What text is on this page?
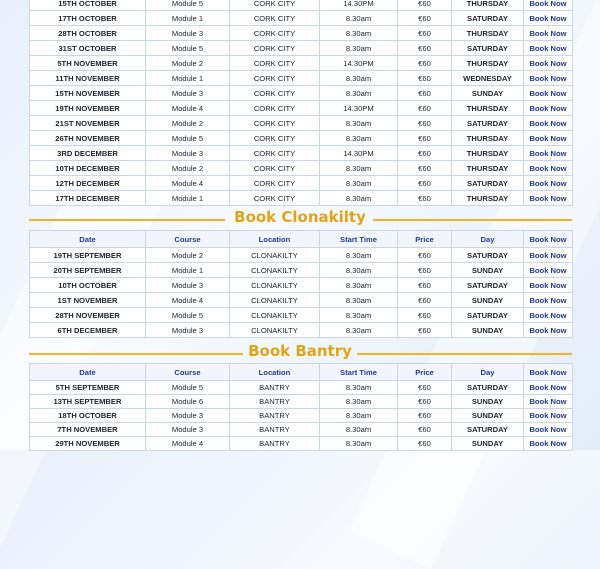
15TH OCTOBER	Module 5	CORK CITY	14.30PM	€60	THURSDAY	Book Now
17TH OCTOBER	Module 1	CORK CITY	8.30am	€60	SATURDAY	Book Now
28TH OCTOBER	Module 3	CORK CITY	8.30am	€60	THURSDAY	Book Now
31ST OCTOBER	Module 5	CORK CITY	8.30am	€60	SATURDAY	Book Now
5TH NOVEMBER	Module 2	CORK CITY	14.30PM	€60	THURSDAY	Book Now
11TH NOVEMBER	Module 1	CORK CITY	8.30am	€60	WEDNESDAY	Book Now
15TH NOVEMBER	Module 3	CORK CITY	8.30am	€60	SUNDAY	Book Now
19TH NOVEMBER	Module 4	CORK CITY	14.30PM	€60	THURSDAY	Book Now
21ST NOVEMBER	Module 2	CORK CITY	8.30am	€60	SATURDAY	Book Now
26TH NOVEMBER	Module 5	CORK CITY	8.30am	€60	THURSDAY	Book Now
3RD DECEMBER	Module 3	CORK CITY	14.30PM	€60	THURSDAY	Book Now
10TH DECEMBER	Module 2	CORK CITY	8.30am	€60	THURSDAY	Book Now
12TH DECEMBER	Module 4	CORK CITY	8.30am	€60	SATURDAY	Book Now
17TH DECEMBER	Module 1	CORK CITY	8.30am	€60	THURSDAY	Book Now
Book Clonakilty
Date	Course	Location	Start Time	Price	Day	Book Now
19TH SEPTEMBER	Module 2	CLONAKILTY	8.30am	€60	SATURDAY	Book Now
20TH SEPTEMBER	Module 1	CLONAKILTY	8.30am	€60	SUNDAY	Book Now
10TH OCTOBER	Module 3	CLONAKILTY	8.30am	€60	SATURDAY	Book Now
1ST NOVEMBER	Module 4	CLONAKILTY	8.30am	€60	SUNDAY	Book Now
28TH NOVEMBER	Module 5	CLONAKILTY	8.30am	€60	SATURDAY	Book Now
6TH DECEMBER	Module 3	CLONAKILTY	8.30am	€60	SUNDAY	Book Now
Book Bantry
Date	Course	Location	Start Time	Price	Day	Book Now
5TH SEPTEMBER	Module 5	BANTRY	8.30am	€60	SATURDAY	Book Now
13TH SEPTEMBER	Module 6	BANTRY	8.30am	€60	SUNDAY	Book Now
18TH OCTOBER	Module 3	BANTRY	8.30am	€60	SUNDAY	Book Now
7TH NOVEMBER	Module 3	BANTRY	8.30am	€60	SATURDAY	Book Now
29TH NOVEMBER	Module 4	BANTRY	8.30am	€60	SUNDAY	Book Now
